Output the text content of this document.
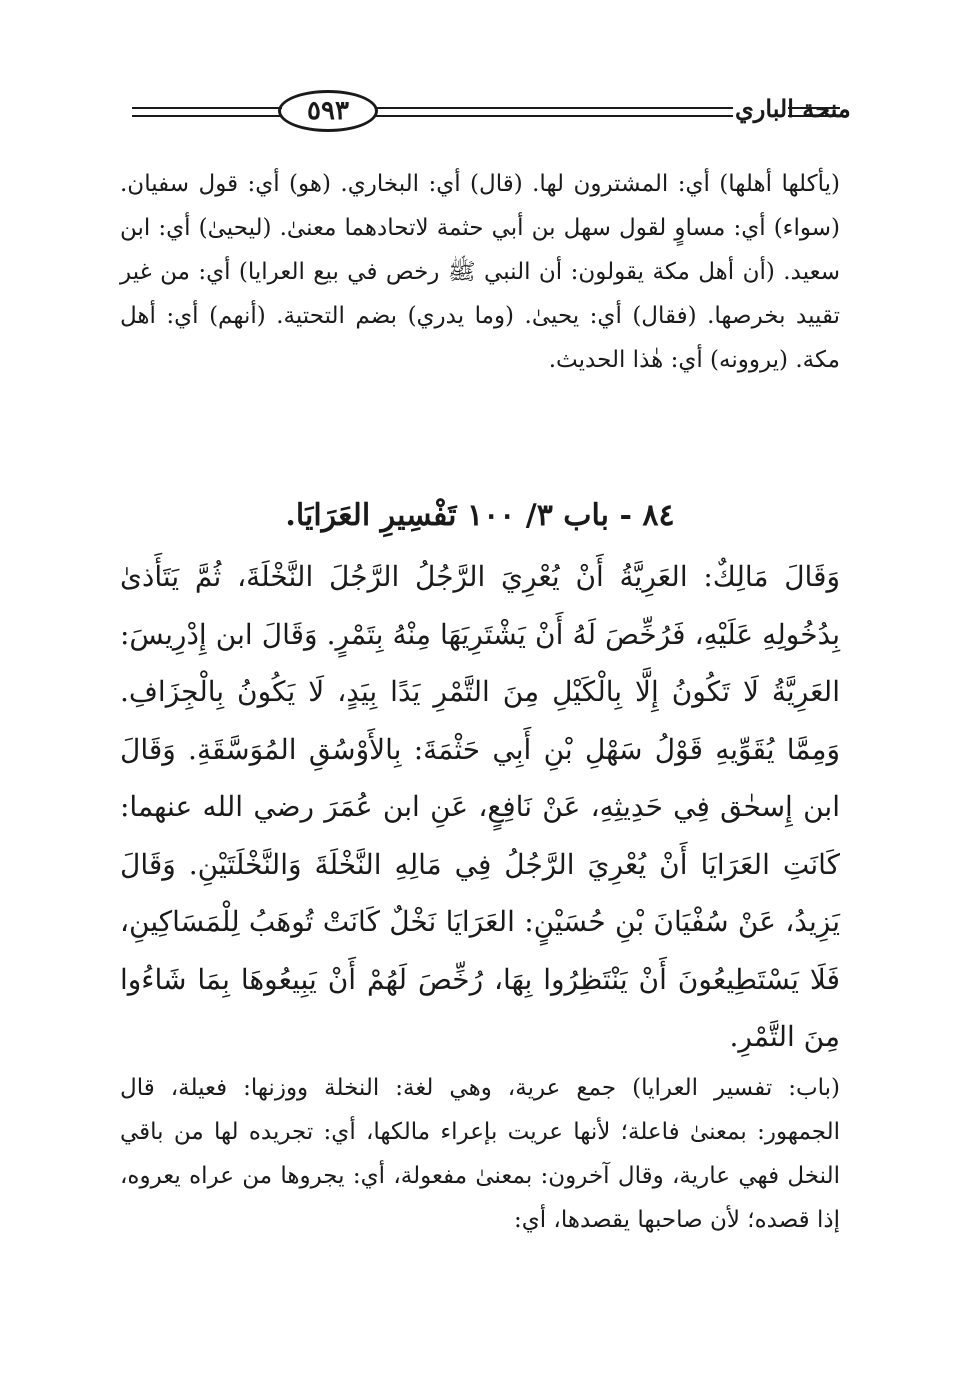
٥٩٣	منحة الباري

(يأكلها أهلها) أي: المشترون لها. (قال) أي: البخاري. (هو) أي: قول سفيان. (سواء) أي: مساوٍ لقول سهل بن أبي حثمة لاتحادهما معنىٰ. (ليحيىٰ) أي: ابن سعيد. (أن أهل مكة يقولون: أن النبي ﷺ رخص في بيع العرايا) أي: من غير تقييد بخرصها. (فقال) أي: يحيىٰ. (وما يدري) بضم التحتية. (أنهم) أي: أهل مكة. (يروونه) أي: هٰذا الحديث.

٨٤ - باب ٣/ ١٠٠ تَفْسِيرِ العَرَايَا.

وَقَالَ مَالِكٌ: العَرِيَّةُ أَنْ يُعْرِيَ الرَّجُلُ الرَّجُلَ النَّخْلَةَ، ثُمَّ يَتَأَذىٰ بِدُخُولِهِ عَلَيْهِ، فَرُخِّصَ لَهُ أَنْ يَشْتَرِيَهَا مِنْهُ بِتَمْرٍ. وَقَالَ ابن إِدْرِيسَ: العَرِيَّةُ لَا تَكُونُ إِلَّا بِالْكَيْلِ مِنَ التَّمْرِ يَدًا بِيَدٍ، لَا يَكُونُ بِالْجِزَافِ. وَمِمَّا يُقَوِّيهِ قَوْلُ سَهْلِ بْنِ أَبِي حَثْمَةَ: بِالأَوْسُقِ المُوَسَّقَةِ. وَقَالَ ابن إِسحٰق فِي حَدِيثِهِ، عَنْ نَافِعٍ، عَنِ ابن عُمَرَ رضي الله عنهما: كَانَتِ العَرَايَا أَنْ يُعْرِيَ الرَّجُلُ فِي مَالِهِ النَّخْلَةَ وَالنَّخْلَتَيْنِ. وَقَالَ يَزِيدُ، عَنْ سُفْيَانَ بْنِ حُسَيْنٍ: العَرَايَا نَخْلٌ كَانَتْ تُوهَبُ لِلْمَسَاكِينِ، فَلَا يَسْتَطِيعُونَ أَنْ يَنْتَظِرُوا بِهَا، رُخِّصَ لَهُمْ أَنْ يَبِيعُوهَا بِمَا شَاءُوا مِنَ التَّمْرِ.

(باب: تفسير العرايا) جمع عرية، وهي لغة: النخلة ووزنها: فعيلة، قال الجمهور: بمعنىٰ فاعلة؛ لأنها عريت بإعراء مالكها، أي: تجريده لها من باقي النخل فهي عارية، وقال آخرون: بمعنىٰ مفعولة، أي: يجروها من عراه يعروه، إذا قصده؛ لأن صاحبها يقصدها، أي:
